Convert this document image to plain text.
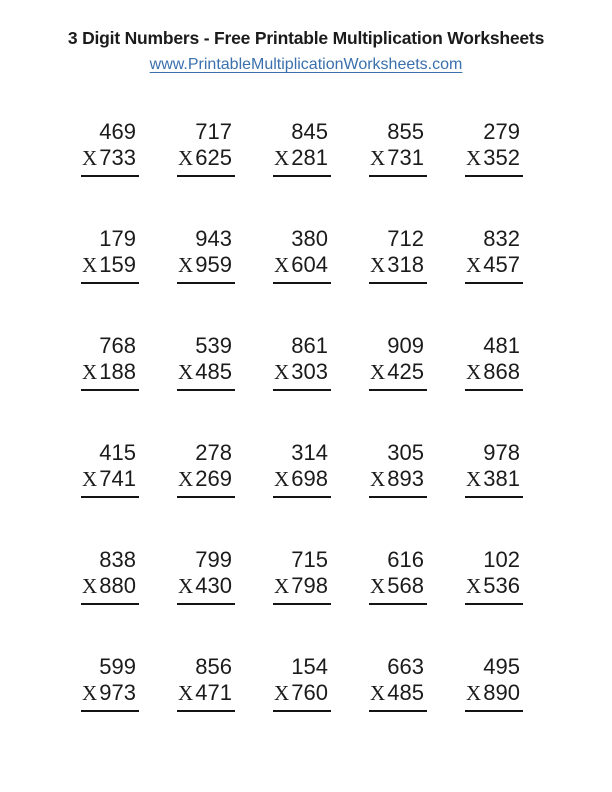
3 Digit Numbers - Free Printable Multiplication Worksheets
www.PrintableMultiplicationWorksheets.com
469
X 733
717
X 625
845
X 281
855
X 731
279
X 352
179
X 159
943
X 959
380
X 604
712
X 318
832
X 457
768
X 188
539
X 485
861
X 303
909
X 425
481
X 868
415
X 741
278
X 269
314
X 698
305
X 893
978
X 381
838
X 880
799
X 430
715
X 798
616
X 568
102
X 536
599
X 973
856
X 471
154
X 760
663
X 485
495
X 890
